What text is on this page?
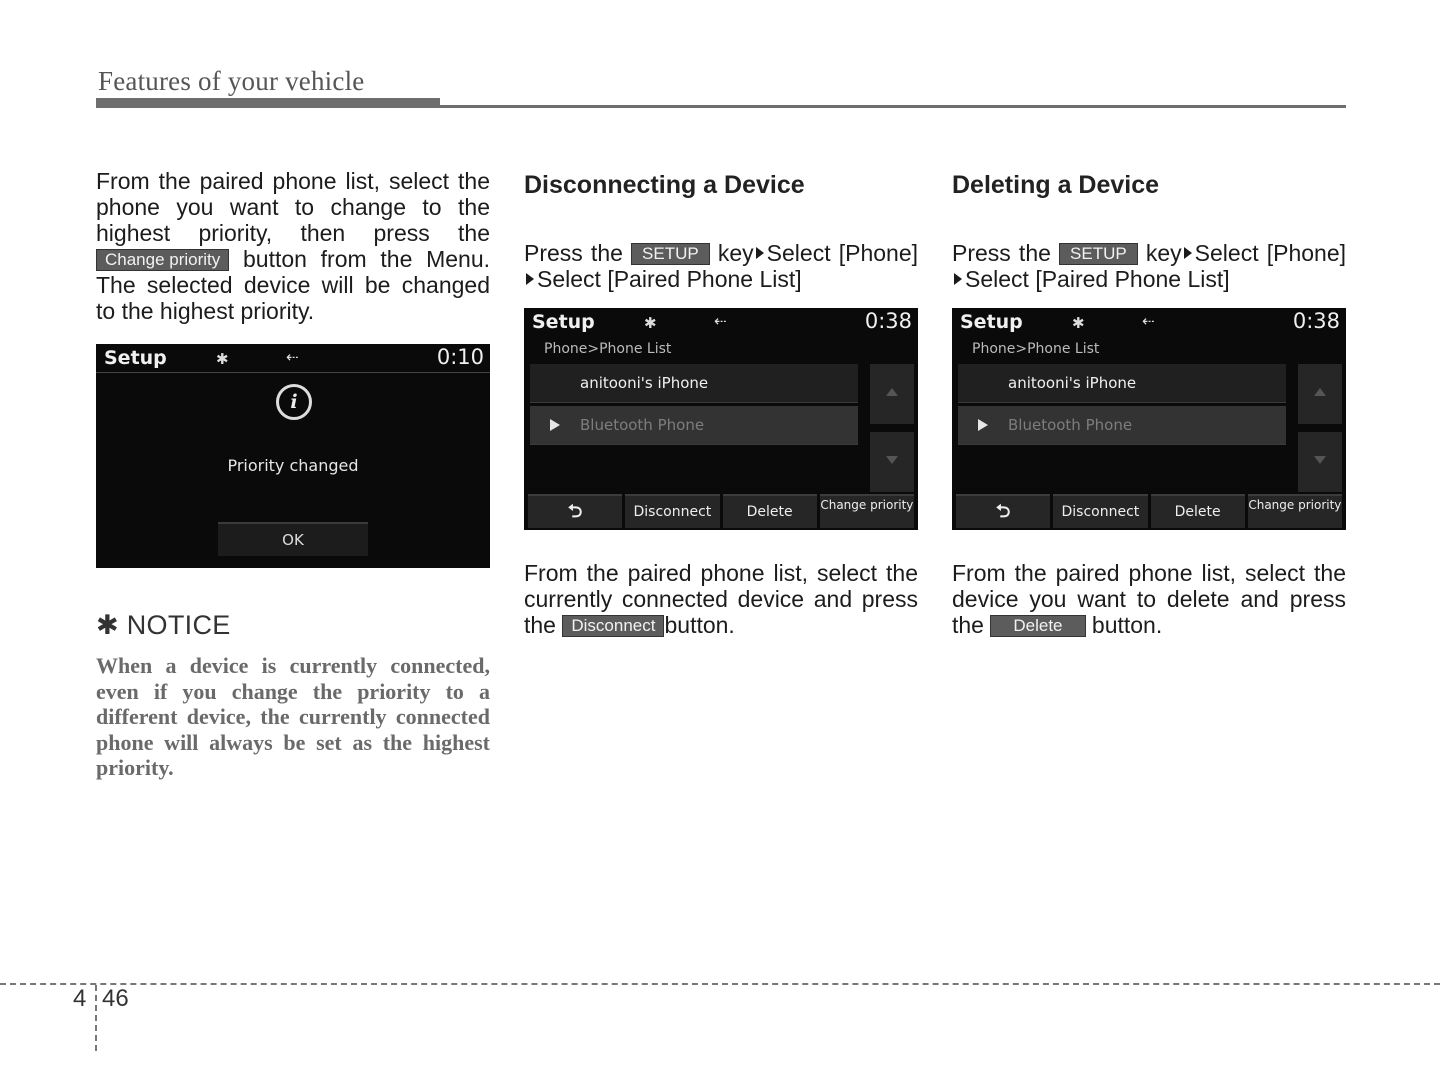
Features of your vehicle

From the paired phone list, select the phone you want to change to the highest priority, then press the Change priority button from the Menu. The selected device will be changed to the highest priority.

Setup	✱	⇠	0:10
i
Priority changed
OK
✱ NOTICE

When a device is currently connected, even if you change the priority to a different device, the currently connected phone will always be set as the highest priority.

Disconnecting a Device

Press the SETUP key Select [Phone]Select [Paired Phone List]

Setup	✱	⇠	0:38
Phone>Phone List
anitooni's iPhone
Bluetooth Phone
⮌	Disconnect	Delete	Change priority

From the paired phone list, select the currently connected device and press the Disconnect button.

Deleting a Device

Press the SETUP key Select [Phone]Select [Paired Phone List]

Setup	✱	⇠	0:38
Phone>Phone List
anitooni's iPhone
Bluetooth Phone
⮌	Disconnect	Delete	Change priority

From the paired phone list, select the device you want to delete and press the Delete button.

4 46
